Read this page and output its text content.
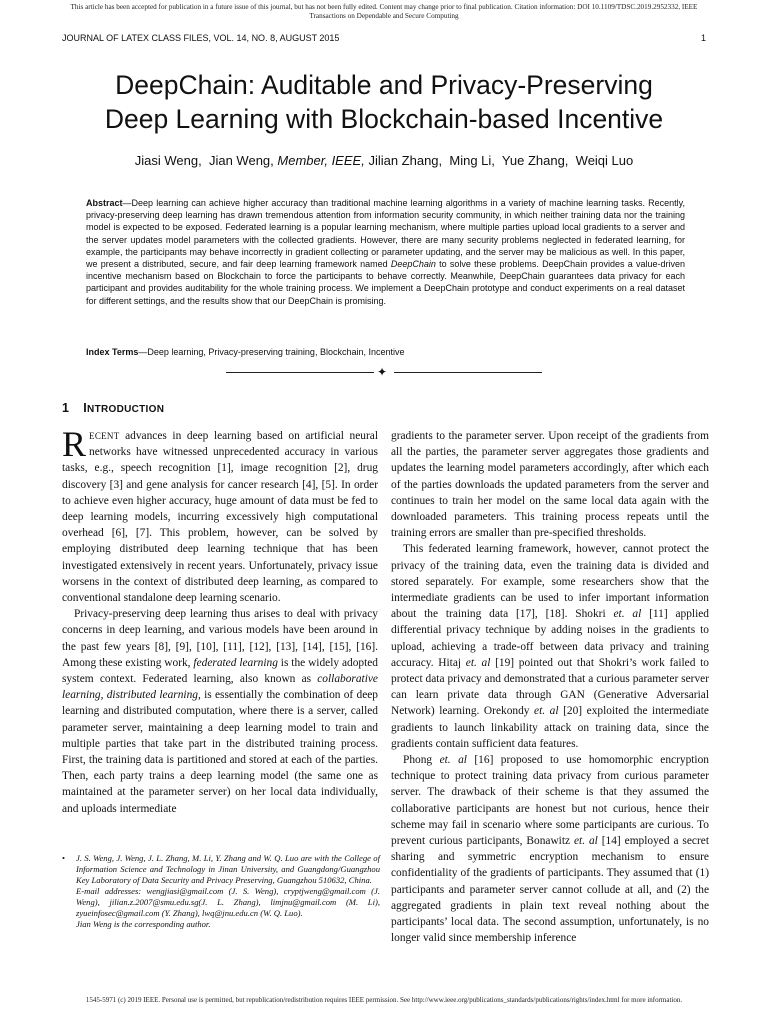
This article has been accepted for publication in a future issue of this journal, but has not been fully edited. Content may change prior to final publication. Citation information: DOI 10.1109/TDSC.2019.2952332, IEEE
Transactions on Dependable and Secure Computing
JOURNAL OF LATEX CLASS FILES, VOL. 14, NO. 8, AUGUST 2015	1
DeepChain: Auditable and Privacy-Preserving
Deep Learning with Blockchain-based Incentive
Jiasi Weng, Jian Weng, Member, IEEE, Jilian Zhang, Ming Li, Yue Zhang, Weiqi Luo

Abstract—Deep learning can achieve higher accuracy than traditional machine learning algorithms in a variety of machine learning tasks. Recently, privacy-preserving deep learning has drawn tremendous attention from information security community, in which neither training data nor the training model is expected to be exposed. Federated learning is a popular learning mechanism, where multiple parties upload local gradients to a server and the server updates model parameters with the collected gradients. However, there are many security problems neglected in federated learning, for example, the participants may behave incorrectly in gradient collecting or parameter updating, and the server may be malicious as well. In this paper, we present a distributed, secure, and fair deep learning framework named DeepChain to solve these problems. DeepChain provides a value-driven incentive mechanism based on Blockchain to force the participants to behave correctly. Meanwhile, DeepChain guarantees data privacy for each participant and provides auditability for the whole training process. We implement a DeepChain prototype and conduct experiments on a real dataset for different settings, and the results show that our DeepChain is promising.

Index Terms—Deep learning, Privacy-preserving training, Blockchain, Incentive

✦
1 INTRODUCTION

RECENT advances in deep learning based on artificial neural networks have witnessed unprecedented accuracy in various tasks, e.g., speech recognition [1], image recognition [2], drug discovery [3] and gene analysis for cancer research [4], [5]. In order to achieve even higher accuracy, huge amount of data must be fed to deep learning models, incurring excessively high computational overhead [6], [7]. This problem, however, can be solved by employing distributed deep learning technique that has been investigated extensively in recent years. Unfortunately, privacy issue worsens in the context of distributed deep learning, as compared to conventional standalone deep learning scenario.

Privacy-preserving deep learning thus arises to deal with privacy concerns in deep learning, and various models have been around in the past few years [8], [9], [10], [11], [12], [13], [14], [15], [16]. Among these existing work, federated learning is the widely adopted system context. Federated learning, also known as collaborative learning, distributed learning, is essentially the combination of deep learning and distributed computation, where there is a server, called parameter server, maintaining a deep learning model to train and multiple parties that take part in the distributed training process. First, the training data is partitioned and stored at each of the parties. Then, each party trains a deep learning model (the same one as maintained at the parameter server) on her local data individually, and uploads intermediate

gradients to the parameter server. Upon receipt of the gradients from all the parties, the parameter server aggregates those gradients and updates the learning model parameters accordingly, after which each of the parties downloads the updated parameters from the server and continues to train her model on the same local data again with the downloaded parameters. This training process repeats until the training errors are smaller than pre-specified thresholds.

This federated learning framework, however, cannot protect the privacy of the training data, even the training data is divided and stored separately. For example, some researchers show that the intermediate gradients can be used to infer important information about the training data [17], [18]. Shokri et. al [11] applied differential privacy technique by adding noises in the gradients to upload, achieving a trade-off between data privacy and training accuracy. Hitaj et. al [19] pointed out that Shokri’s work failed to protect data privacy and demonstrated that a curious parameter server can learn private data through GAN (Generative Adversarial Network) learning. Orekondy et. al [20] exploited the intermediate gradients to launch linkability attack on training data, since the gradients contain sufficient data features.

Phong et. al [16] proposed to use homomorphic encryption technique to protect training data privacy from curious parameter server. The drawback of their scheme is that they assumed the collaborative participants are honest but not curious, hence their scheme may fail in scenario where some participants are curious. To prevent curious participants, Bonawitz et. al [14] employed a secret sharing and symmetric encryption mechanism to ensure confidentiality of the gradients of participants. They assumed that (1) participants and parameter server cannot collude at all, and (2) the aggregated gradients in plain text reveal nothing about the participants’ local data. The second assumption, unfortunately, is no longer valid since membership inference

• J. S. Weng, J. Weng, J. L. Zhang, M. Li, Y. Zhang and W. Q. Luo are with the College of Information Science and Technology in Jinan University, and Guangdong/Guangzhou Key Laboratory of Data Security and Privacy Preserving, Guangzhou 510632, China.
E-mail addresses: wengjiasi@gmail.com (J. S. Weng), cryptjweng@gmail.com (J. Weng), jilian.z.2007@smu.edu.sg(J. L. Zhang), limjnu@gmail.com (M. Li), zyueinfosec@gmail.com (Y. Zhang), lwq@jnu.edu.cn (W. Q. Luo).
Jian Weng is the corresponding author.
1545-5971 (c) 2019 IEEE. Personal use is permitted, but republication/redistribution requires IEEE permission. See http://www.ieee.org/publications_standards/publications/rights/index.html for more information.
